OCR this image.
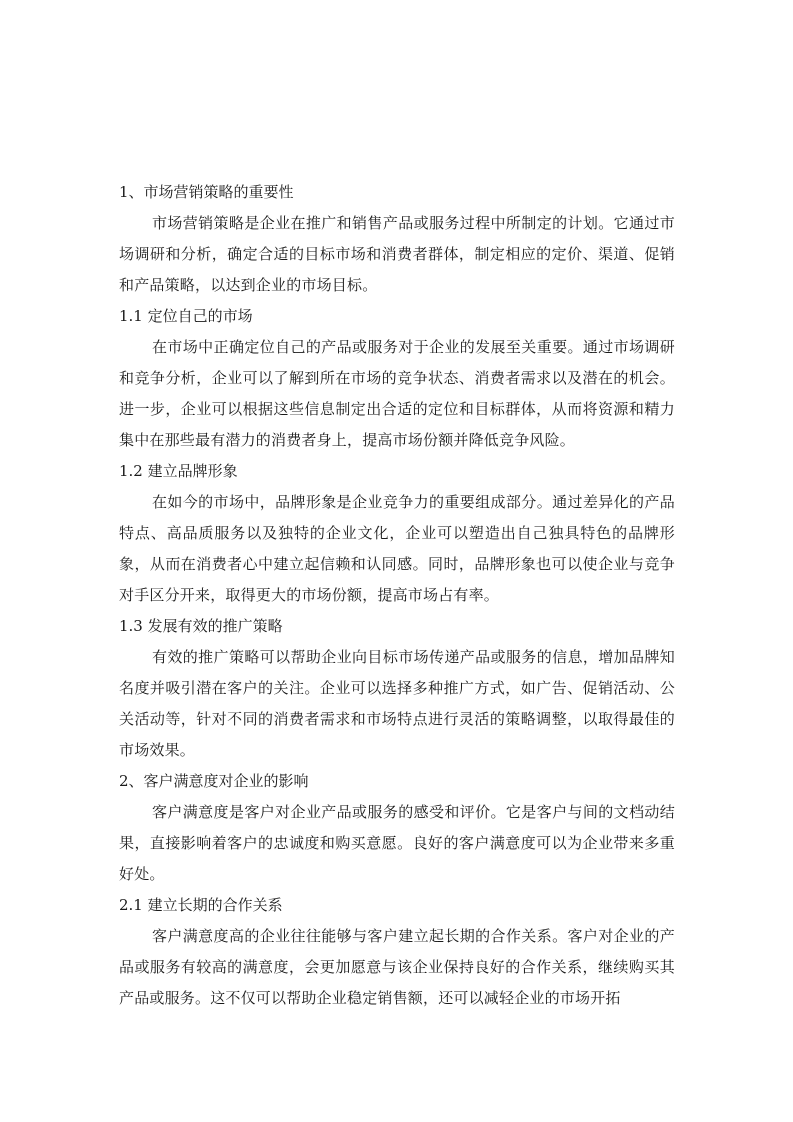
1、市场营销策略的重要性

市场营销策略是企业在推广和销售产品或服务过程中所制定的计划。它通过市场调研和分析，确定合适的目标市场和消费者群体，制定相应的定价、渠道、促销和产品策略，以达到企业的市场目标。

1.1 定位自己的市场

在市场中正确定位自己的产品或服务对于企业的发展至关重要。通过市场调研和竞争分析，企业可以了解到所在市场的竞争状态、消费者需求以及潜在的机会。进一步，企业可以根据这些信息制定出合适的定位和目标群体，从而将资源和精力集中在那些最有潜力的消费者身上，提高市场份额并降低竞争风险。

1.2 建立品牌形象

在如今的市场中，品牌形象是企业竞争力的重要组成部分。通过差异化的产品特点、高品质服务以及独特的企业文化，企业可以塑造出自己独具特色的品牌形象，从而在消费者心中建立起信赖和认同感。同时，品牌形象也可以使企业与竞争对手区分开来，取得更大的市场份额，提高市场占有率。

1.3 发展有效的推广策略

有效的推广策略可以帮助企业向目标市场传递产品或服务的信息，增加品牌知名度并吸引潜在客户的关注。企业可以选择多种推广方式，如广告、促销活动、公关活动等，针对不同的消费者需求和市场特点进行灵活的策略调整，以取得最佳的市场效果。

2、客户满意度对企业的影响

客户满意度是客户对企业产品或服务的感受和评价。它是客户与间的文档动结果，直接影响着客户的忠诚度和购买意愿。良好的客户满意度可以为企业带来多重好处。

2.1 建立长期的合作关系

客户满意度高的企业往往能够与客户建立起长期的合作关系。客户对企业的产品或服务有较高的满意度，会更加愿意与该企业保持良好的合作关系，继续购买其产品或服务。这不仅可以帮助企业稳定销售额，还可以减轻企业的市场开拓
